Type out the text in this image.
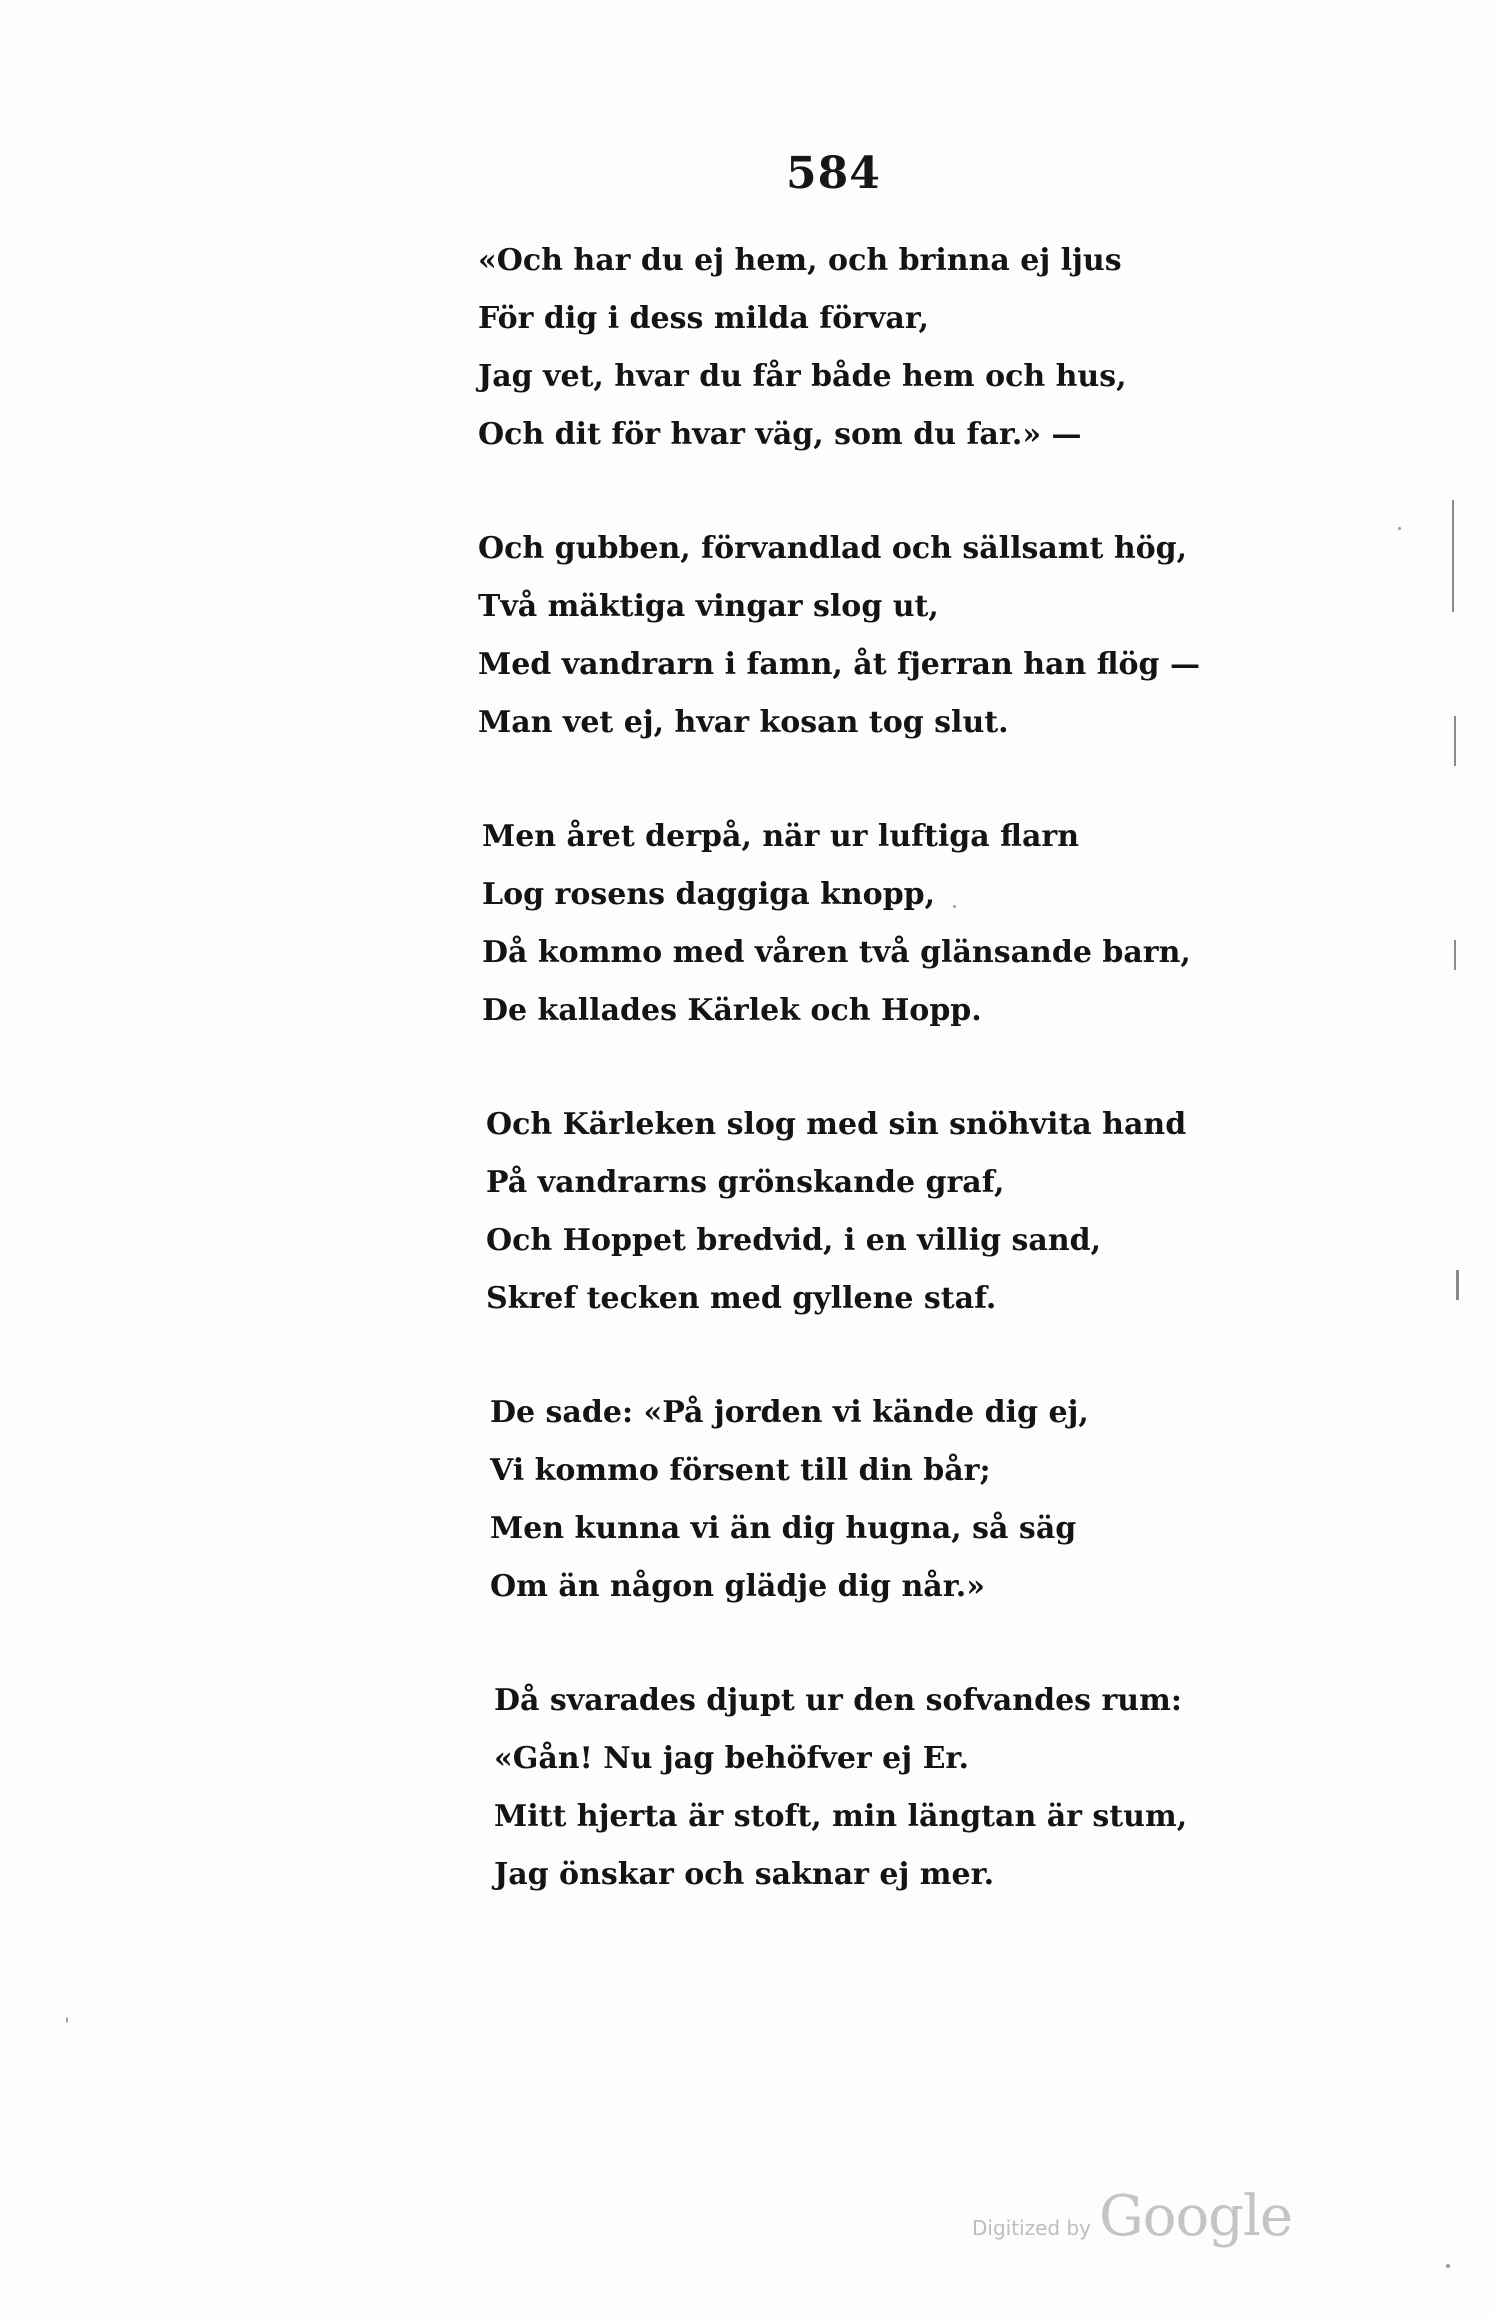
584
«Och har du ej hem, och brinna ej ljus
För dig i dess milda förvar,
Jag vet, hvar du får både hem och hus,
Och dit för hvar väg, som du far.» —
Och gubben, förvandlad och sällsamt hög,
Två mäktiga vingar slog ut,
Med vandrarn i famn, åt fjerran han flög —
Man vet ej, hvar kosan tog slut.
Men året derpå, när ur luftiga flarn
Log rosens daggiga knopp,
Då kommo med våren två glänsande barn,
De kallades Kärlek och Hopp.
Och Kärleken slog med sin snöhvita hand
På vandrarns grönskande graf,
Och Hoppet bredvid, i en villig sand,
Skref tecken med gyllene staf.
De sade: «På jorden vi kände dig ej,
Vi kommo försent till din bår;
Men kunna vi än dig hugna, så säg
Om än någon glädje dig når.»
Då svarades djupt ur den sofvandes rum:
«Gån! Nu jag behöfver ej Er.
Mitt hjerta är stoft, min längtan är stum,
Jag önskar och saknar ej mer.
Digitized by Google
